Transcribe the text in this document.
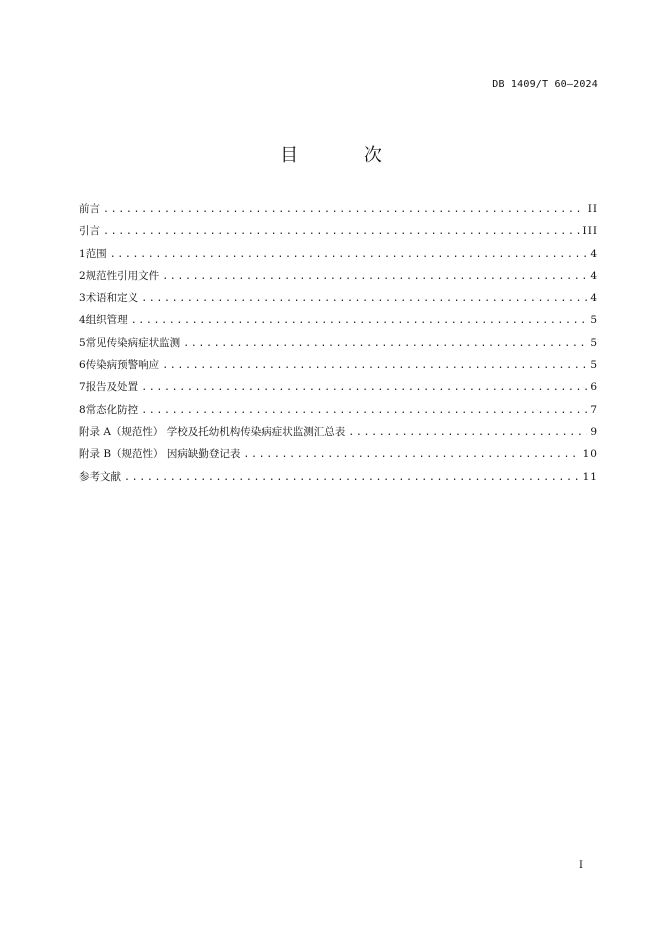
DB 1409/T 60—2024
目 次
前言 .....	II
引言 .....	III
1 范围 .....	4
2 规范性引用文件 .....	4
3 术语和定义 .....	4
4 组织管理 .....	5
5 常见传染病症状监测 .....	5
6 传染病预警响应 .....	5
7 报告及处置 .....	6
8 常态化防控 .....	7
附录 A（规范性） 学校及托幼机构传染病症状监测汇总表 .....	9
附录 B（规范性） 因病缺勤登记表 .....	10
参考文献 .....	11
I
